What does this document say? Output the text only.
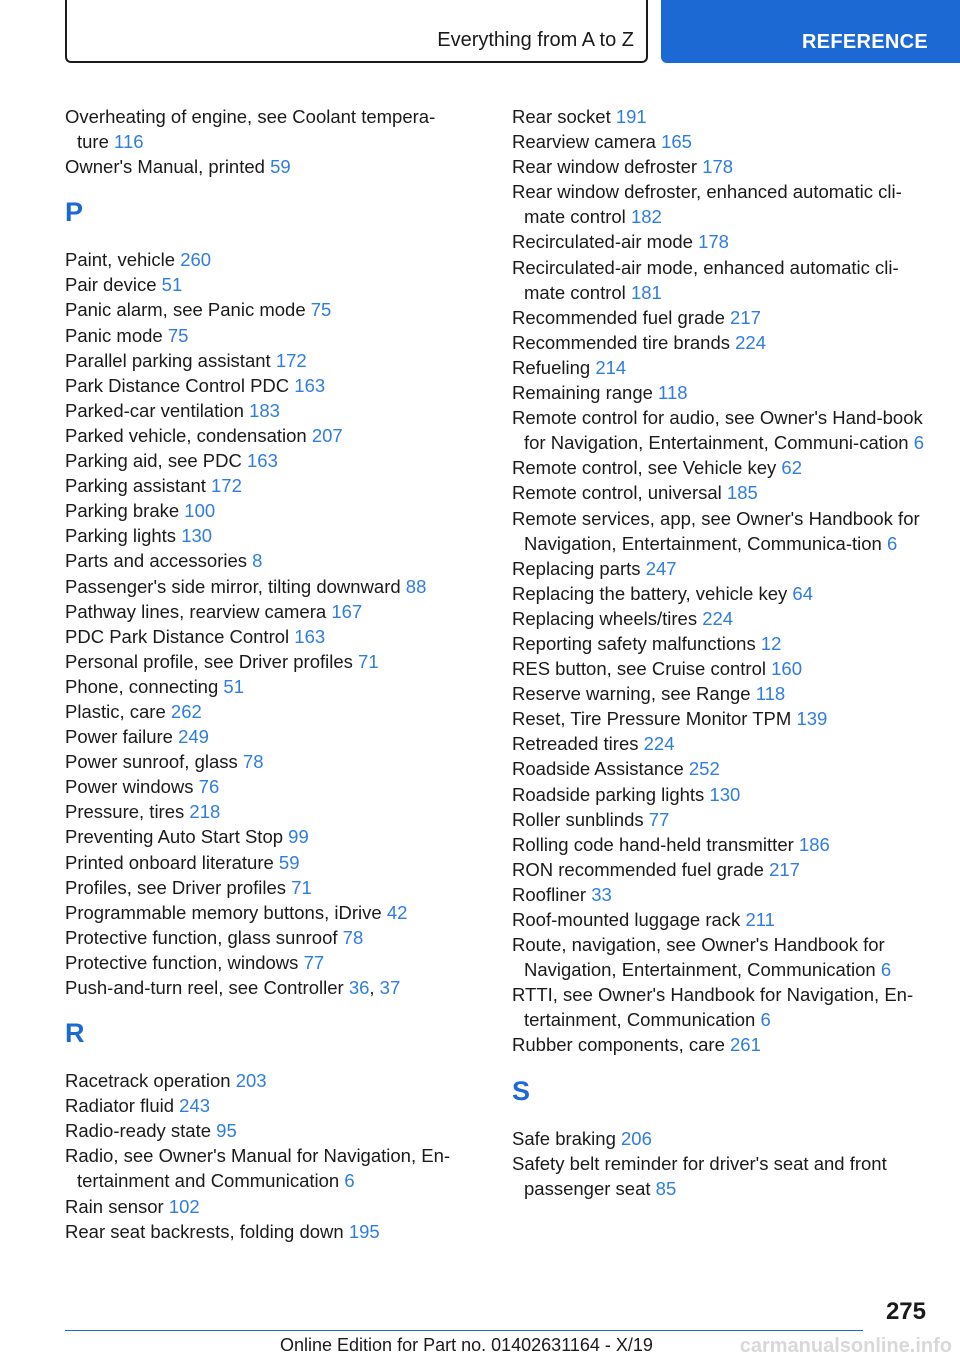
Everything from A to Z	REFERENCE
Overheating of engine, see Coolant tempera-ture 116
Owner's Manual, printed 59
P
Paint, vehicle 260
Pair device 51
Panic alarm, see Panic mode 75
Panic mode 75
Parallel parking assistant 172
Park Distance Control PDC 163
Parked-car ventilation 183
Parked vehicle, condensation 207
Parking aid, see PDC 163
Parking assistant 172
Parking brake 100
Parking lights 130
Parts and accessories 8
Passenger's side mirror, tilting downward 88
Pathway lines, rearview camera 167
PDC Park Distance Control 163
Personal profile, see Driver profiles 71
Phone, connecting 51
Plastic, care 262
Power failure 249
Power sunroof, glass 78
Power windows 76
Pressure, tires 218
Preventing Auto Start Stop 99
Printed onboard literature 59
Profiles, see Driver profiles 71
Programmable memory buttons, iDrive 42
Protective function, glass sunroof 78
Protective function, windows 77
Push-and-turn reel, see Controller 36, 37
R
Racetrack operation 203
Radiator fluid 243
Radio-ready state 95
Radio, see Owner's Manual for Navigation, En-tertainment and Communication 6
Rain sensor 102
Rear seat backrests, folding down 195
Rear socket 191
Rearview camera 165
Rear window defroster 178
Rear window defroster, enhanced automatic cli-mate control 182
Recirculated-air mode 178
Recirculated-air mode, enhanced automatic cli-mate control 181
Recommended fuel grade 217
Recommended tire brands 224
Refueling 214
Remaining range 118
Remote control for audio, see Owner's Hand-book for Navigation, Entertainment, Communi-cation 6
Remote control, see Vehicle key 62
Remote control, universal 185
Remote services, app, see Owner's Handbook for Navigation, Entertainment, Communica-tion 6
Replacing parts 247
Replacing the battery, vehicle key 64
Replacing wheels/tires 224
Reporting safety malfunctions 12
RES button, see Cruise control 160
Reserve warning, see Range 118
Reset, Tire Pressure Monitor TPM 139
Retreaded tires 224
Roadside Assistance 252
Roadside parking lights 130
Roller sunblinds 77
Rolling code hand-held transmitter 186
RON recommended fuel grade 217
Roofliner 33
Roof-mounted luggage rack 211
Route, navigation, see Owner's Handbook for Navigation, Entertainment, Communication 6
RTTI, see Owner's Handbook for Navigation, En-tertainment, Communication 6
Rubber components, care 261
S
Safe braking 206
Safety belt reminder for driver's seat and front passenger seat 85
275
Online Edition for Part no. 01402631164 - X/19	carmanualsonline.info
